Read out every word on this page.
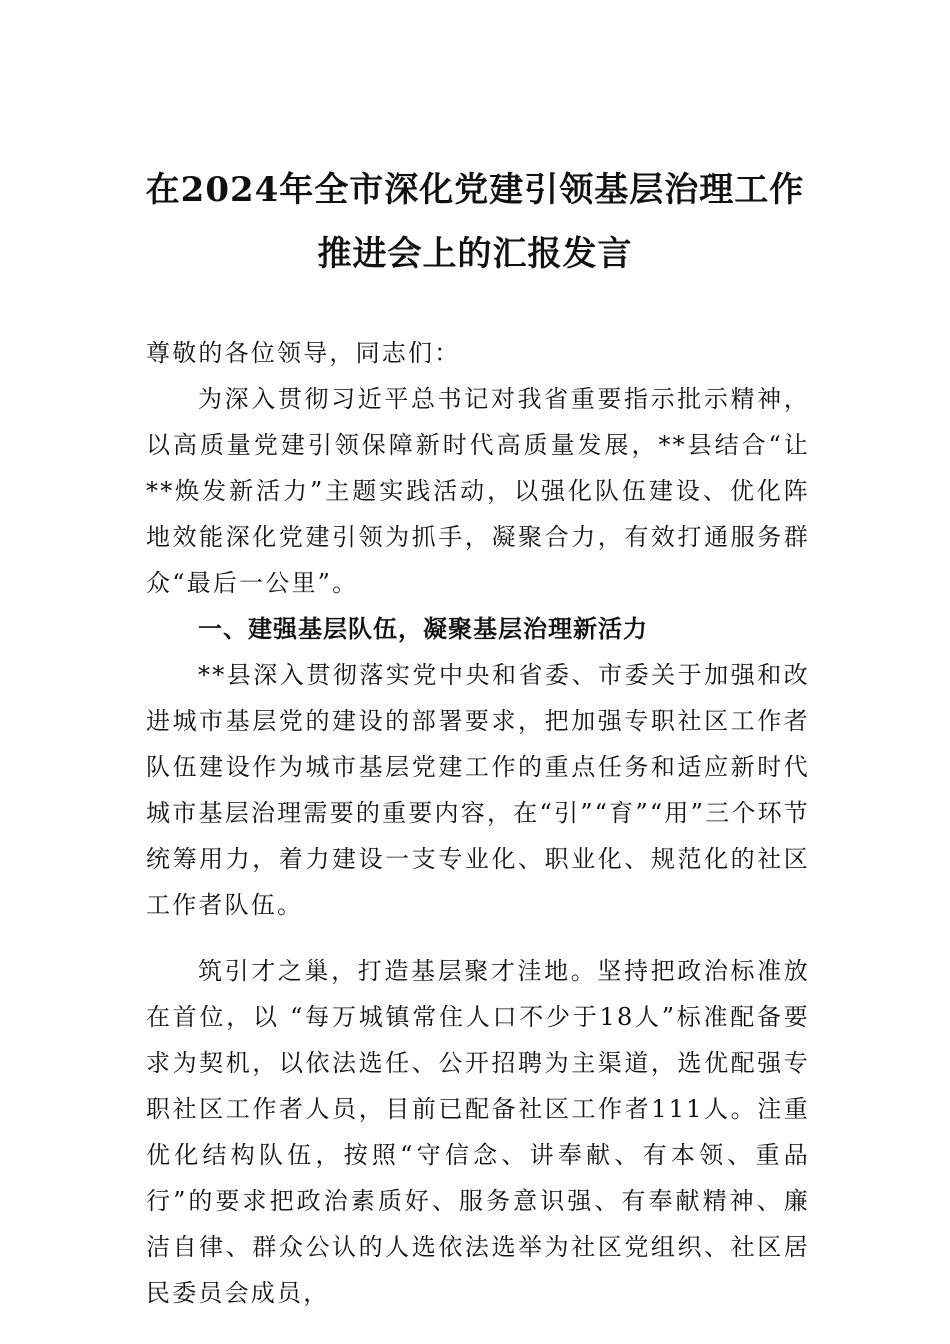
在2024年全市深化党建引领基层治理工作
推进会上的汇报发言

尊敬的各位领导，同志们：

为深入贯彻习近平总书记对我省重要指示批示精神，以高质量党建引领保障新时代高质量发展，**县结合“让**焕发新活力”主题实践活动，以强化队伍建设、优化阵地效能深化党建引领为抓手，凝聚合力，有效打通服务群众“最后一公里”。

一、建强基层队伍，凝聚基层治理新活力

**县深入贯彻落实党中央和省委、市委关于加强和改进城市基层党的建设的部署要求，把加强专职社区工作者队伍建设作为城市基层党建工作的重点任务和适应新时代城市基层治理需要的重要内容，在“引”“育”“用”三个环节统筹用力，着力建设一支专业化、职业化、规范化的社区工作者队伍。

筑引才之巢，打造基层聚才洼地。坚持把政治标准放在首位，以 “每万城镇常住人口不少于18人”标准配备要求为契机，以依法选任、公开招聘为主渠道，选优配强专职社区工作者人员，目前已配备社区工作者111人。注重优化结构队伍，按照“守信念、讲奉献、有本领、重品行”的要求把政治素质好、服务意识强、有奉献精神、廉洁自律、群众公认的人选依法选举为社区党组织、社区居民委员会成员，
